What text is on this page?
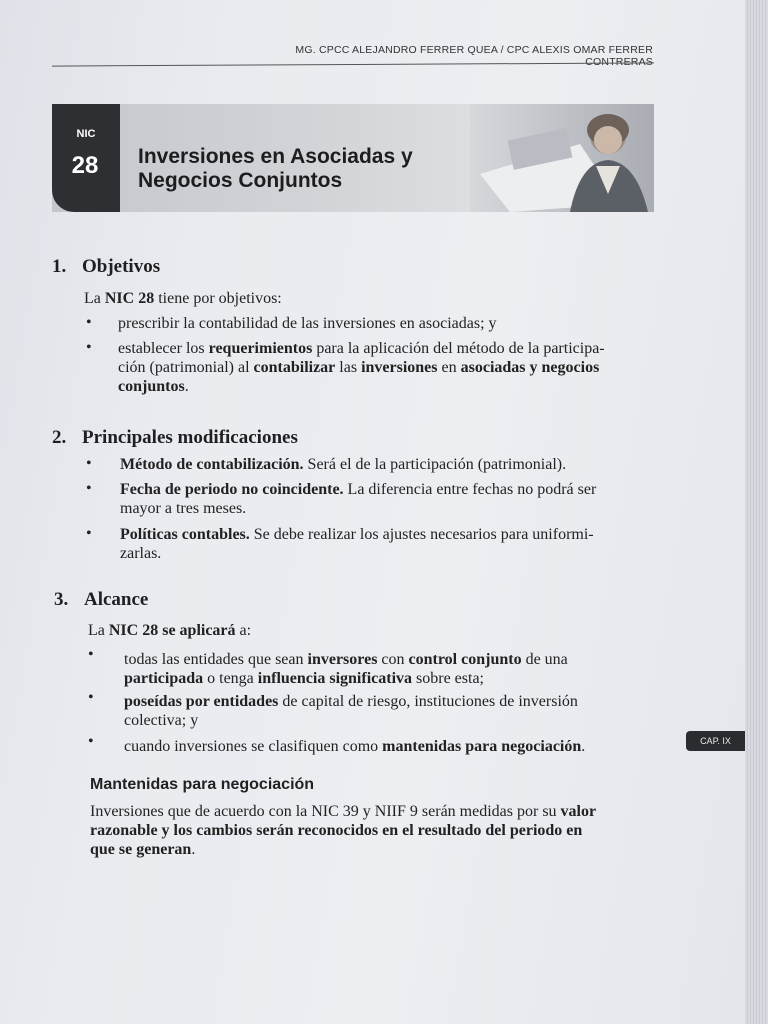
MG. CPCC ALEJANDRO FERRER QUEA / CPC ALEXIS OMAR FERRER
NIC
28	Inversiones en Asociadas y
Negocios Conjuntos
1. Objetivos

La NIC 28 tiene por objetivos:

• prescribir la contabilidad de las inversiones en asociadas; y

• establecer los requerimientos para la aplicación del método de la participa-
ción (patrimonial) al contabilizar las inversiones en asociadas y negocios
conjuntos.

2. Principales modificaciones
• Método de contabilización. Será el de la participación (patrimonial).

• Fecha de periodo no coincidente. La diferencia entre fechas no podrá ser
mayor a tres meses.

• Políticas contables. Se debe realizar los ajustes necesarios para uniformi-
zarlas.

3. Alcance

La NIC 28 se aplicará a:

• todas las entidades que sean inversores con control conjunto de una
participada o tenga influencia significativa sobre esta;

• poseídas por entidades de capital de riesgo, instituciones de inversión
colectiva; y

• cuando inversiones se clasifiquen como mantenidas para negociación.

Mantenidas para negociación

Inversiones que de acuerdo con la NIC 39 y NIIF 9 serán medidas por su valor
razonable y los cambios serán reconocidos en el resultado del periodo en
que se generan.

CAP. IX
